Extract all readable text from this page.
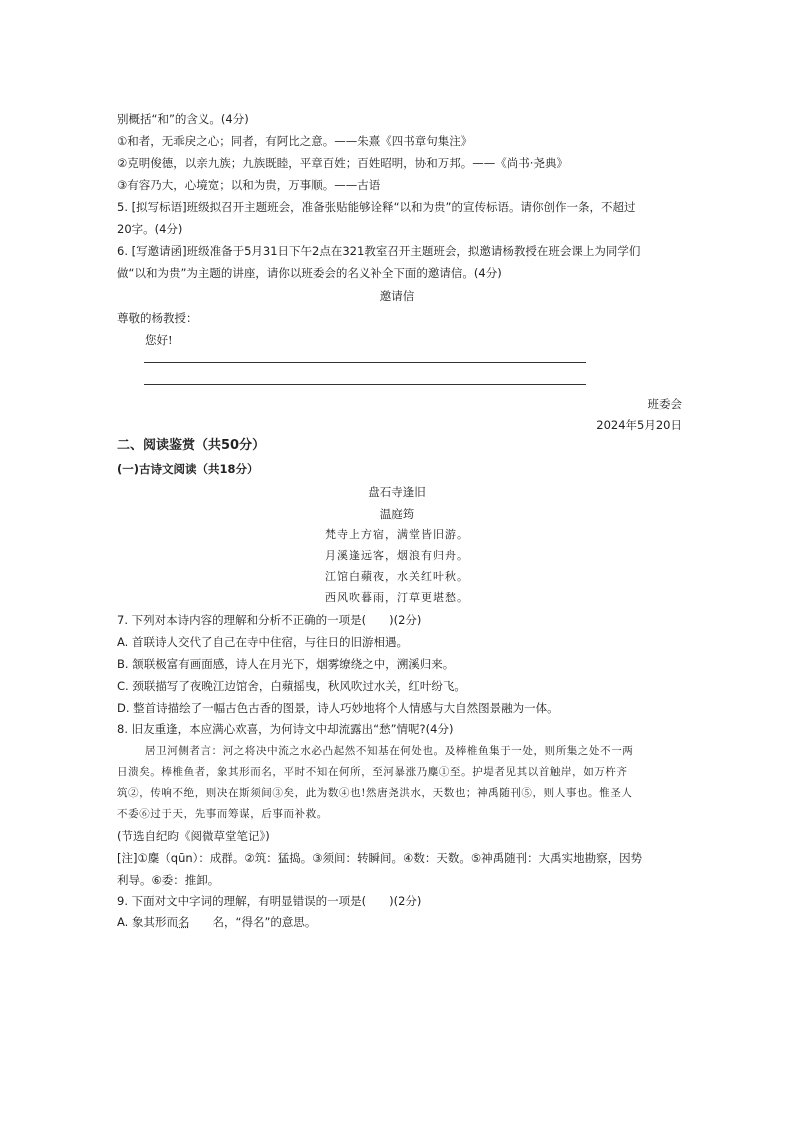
别概括“和”的含义。(4分)
①和者，无乖戾之心；同者，有阿比之意。——朱熹《四书章句集注》
②克明俊德，以亲九族；九族既睦，平章百姓；百姓昭明，协和万邦。——《尚书·尧典》
③有容乃大，心境宽；以和为贵，万事顺。——古语
5. [拟写标语]班级拟召开主题班会，准备张贴能够诠释“以和为贵”的宣传标语。请你创作一条，不超过
20字。(4分)
6. [写邀请函]班级准备于5月31日下午2点在321教室召开主题班会，拟邀请杨教授在班会课上为同学们
做“以和为贵”为主题的讲座，请你以班委会的名义补全下面的邀请信。(4分)
邀请信
尊敬的杨教授：
您好!
班委会
2024年5月20日
二、阅读鉴赏（共50分）
(一)古诗文阅读（共18分）
盘石寺逢旧
温庭筠
梵寺上方宿，满堂皆旧游。
月溪逢远客，烟浪有归舟。
江馆白蘋夜，水关红叶秋。
西风吹暮雨，汀草更堪愁。
7. 下列对本诗内容的理解和分析不正确的一项是(　　)(2分)
A. 首联诗人交代了自己在寺中住宿，与往日的旧游相遇。
B. 颔联极富有画面感，诗人在月光下，烟雾缭绕之中，溯溪归来。
C. 颈联描写了夜晚江边馆舍，白蘋摇曳，秋风吹过水关，红叶纷飞。
D. 整首诗描绘了一幅古色古香的图景，诗人巧妙地将个人情感与大自然图景融为一体。
8. 旧友重逢，本应满心欢喜，为何诗文中却流露出“愁”情呢?(4分)
居卫河侧者言：河之将决中流之水必凸起然不知基在何处也。及棒椎鱼集于一处，则所集之处不一两
日溃矣。棒椎鱼者，象其形而名，平时不知在何所，至河暴涨乃麋①至。护堤者见其以首触岸，如万杵齐
筑②，传响不绝，则决在斯须间③矣，此为数④也!然唐尧洪水，天数也；神禹随刊⑤，则人事也。惟圣人
不委⑥过于天，先事而筹谋，后事而补救。
(节选自纪昀《阅微草堂笔记》)
[注]①麇（qūn）：成群。②筑：猛捣。③须间：转瞬间。④数：天数。⑤神禹随刊：大禹实地勘察，因势
利导。⑥委：推卸。
9. 下面对文中字词的理解，有明显错误的一项是(　　)(2分)
A. 象其形而名　　名，“得名”的意思。
